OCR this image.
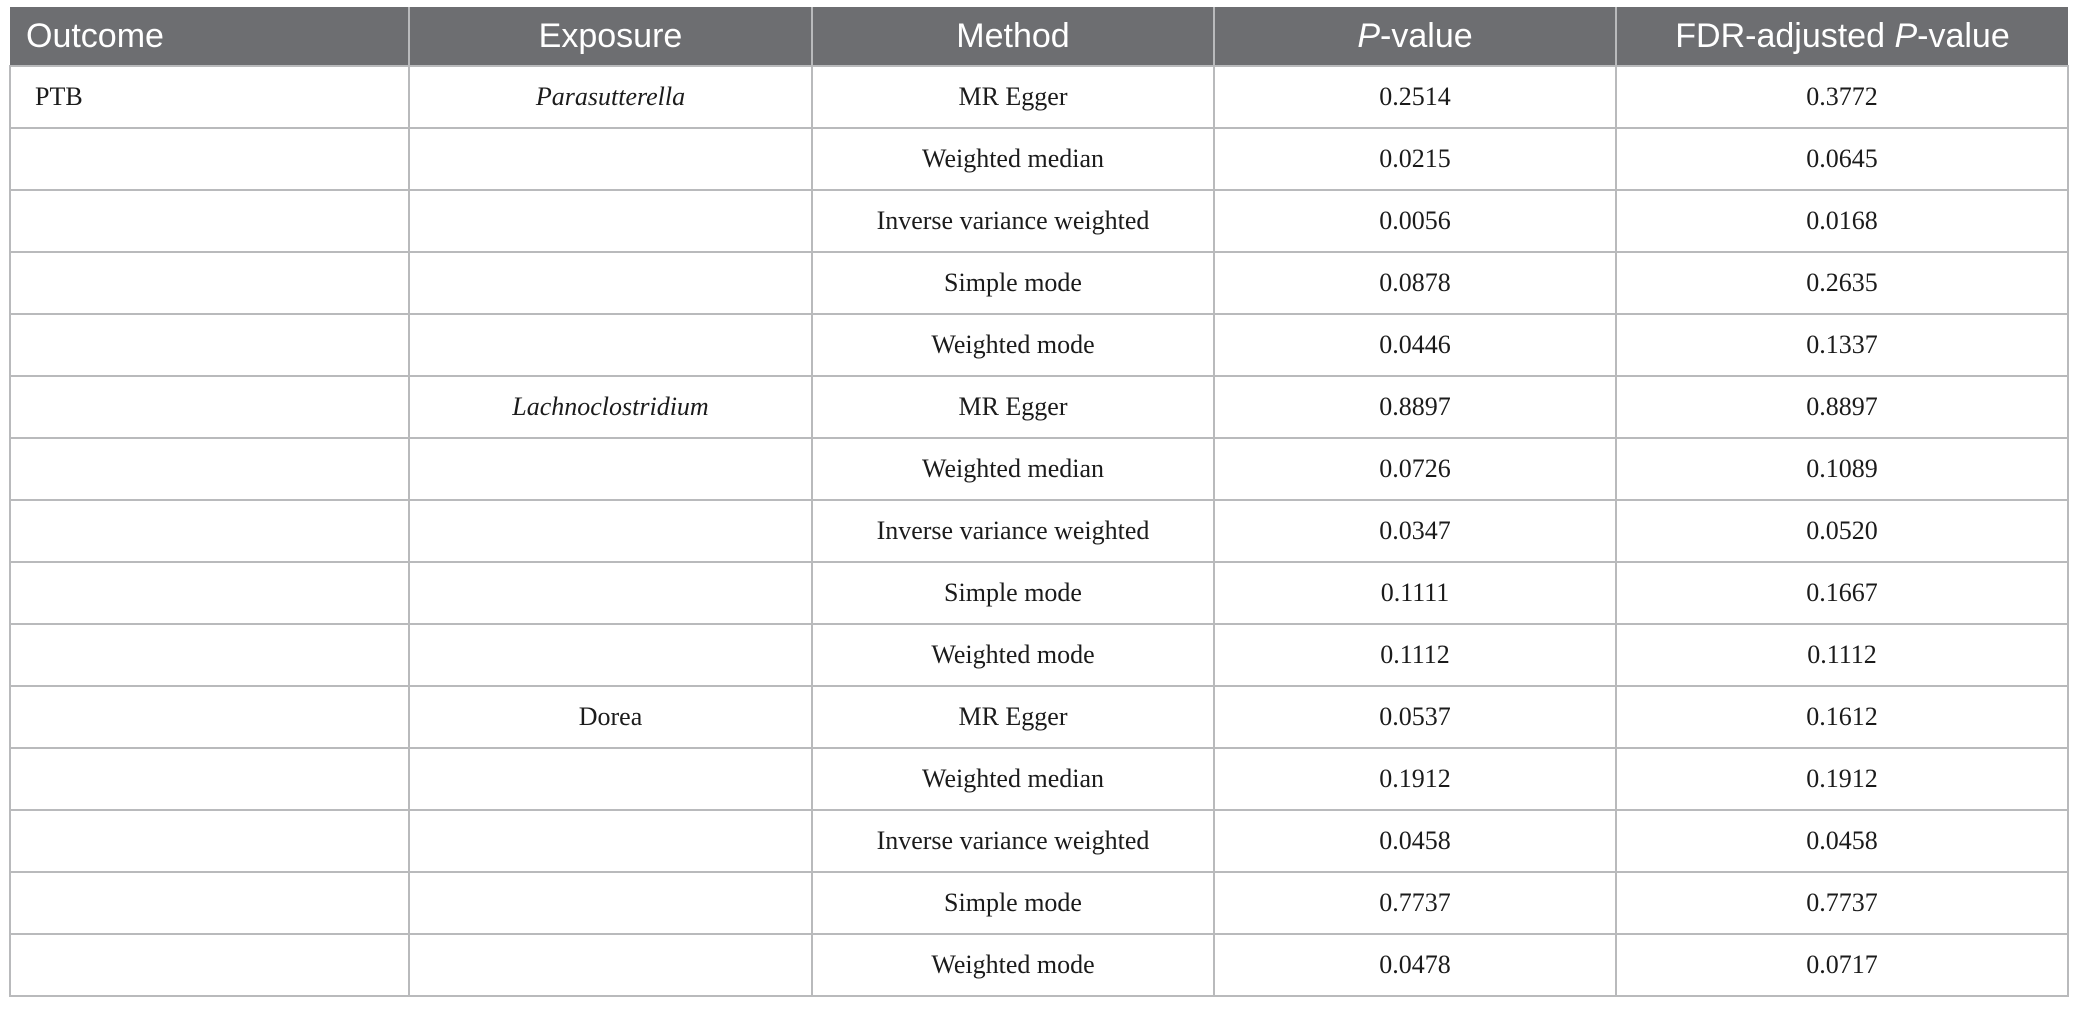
Outcome	Exposure	Method	P-value	FDR-adjusted P-value
PTB	Parasutterella	MR Egger	0.2514	0.3772
		Weighted median	0.0215	0.0645
		Inverse variance weighted	0.0056	0.0168
		Simple mode	0.0878	0.2635
		Weighted mode	0.0446	0.1337
	Lachnoclostridium	MR Egger	0.8897	0.8897
		Weighted median	0.0726	0.1089
		Inverse variance weighted	0.0347	0.0520
		Simple mode	0.1111	0.1667
		Weighted mode	0.1112	0.1112
	Dorea	MR Egger	0.0537	0.1612
		Weighted median	0.1912	0.1912
		Inverse variance weighted	0.0458	0.0458
		Simple mode	0.7737	0.7737
		Weighted mode	0.0478	0.0717
